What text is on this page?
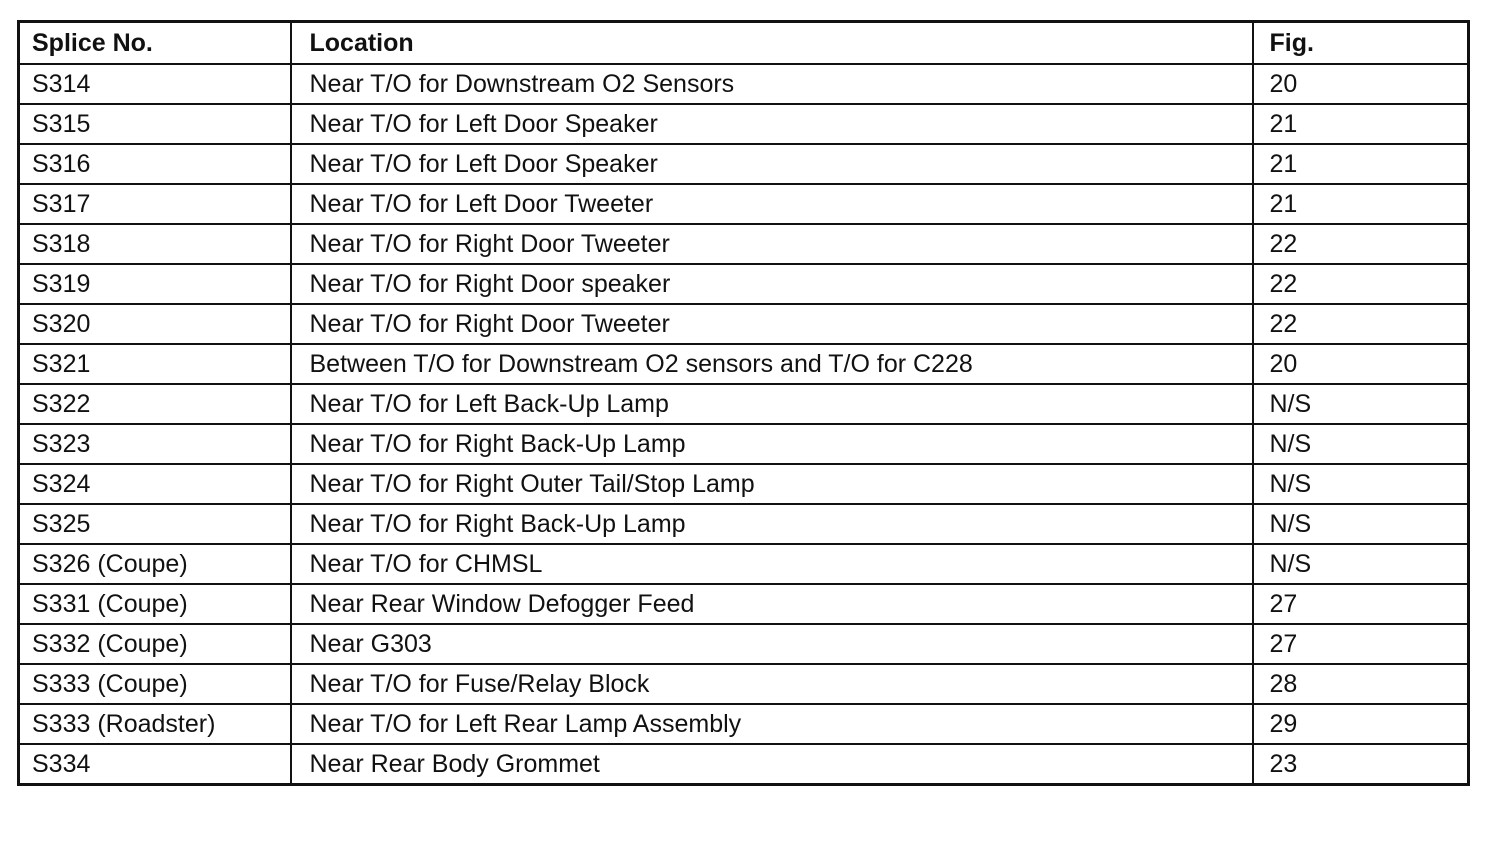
Splice No.	Location	Fig.
S314	Near T/O for Downstream O2 Sensors	20
S315	Near T/O for Left Door Speaker	21
S316	Near T/O for Left Door Speaker	21
S317	Near T/O for Left Door Tweeter	21
S318	Near T/O for Right Door Tweeter	22
S319	Near T/O for Right Door speaker	22
S320	Near T/O for Right Door Tweeter	22
S321	Between T/O for Downstream O2 sensors and T/O for C228	20
S322	Near T/O for Left Back-Up Lamp	N/S
S323	Near T/O for Right Back-Up Lamp	N/S
S324	Near T/O for Right Outer Tail/Stop Lamp	N/S
S325	Near T/O for Right Back-Up Lamp	N/S
S326 (Coupe)	Near T/O for CHMSL	N/S
S331 (Coupe)	Near Rear Window Defogger Feed	27
S332 (Coupe)	Near G303	27
S333 (Coupe)	Near T/O for Fuse/Relay Block	28
S333 (Roadster)	Near T/O for Left Rear Lamp Assembly	29
S334	Near Rear Body Grommet	23
